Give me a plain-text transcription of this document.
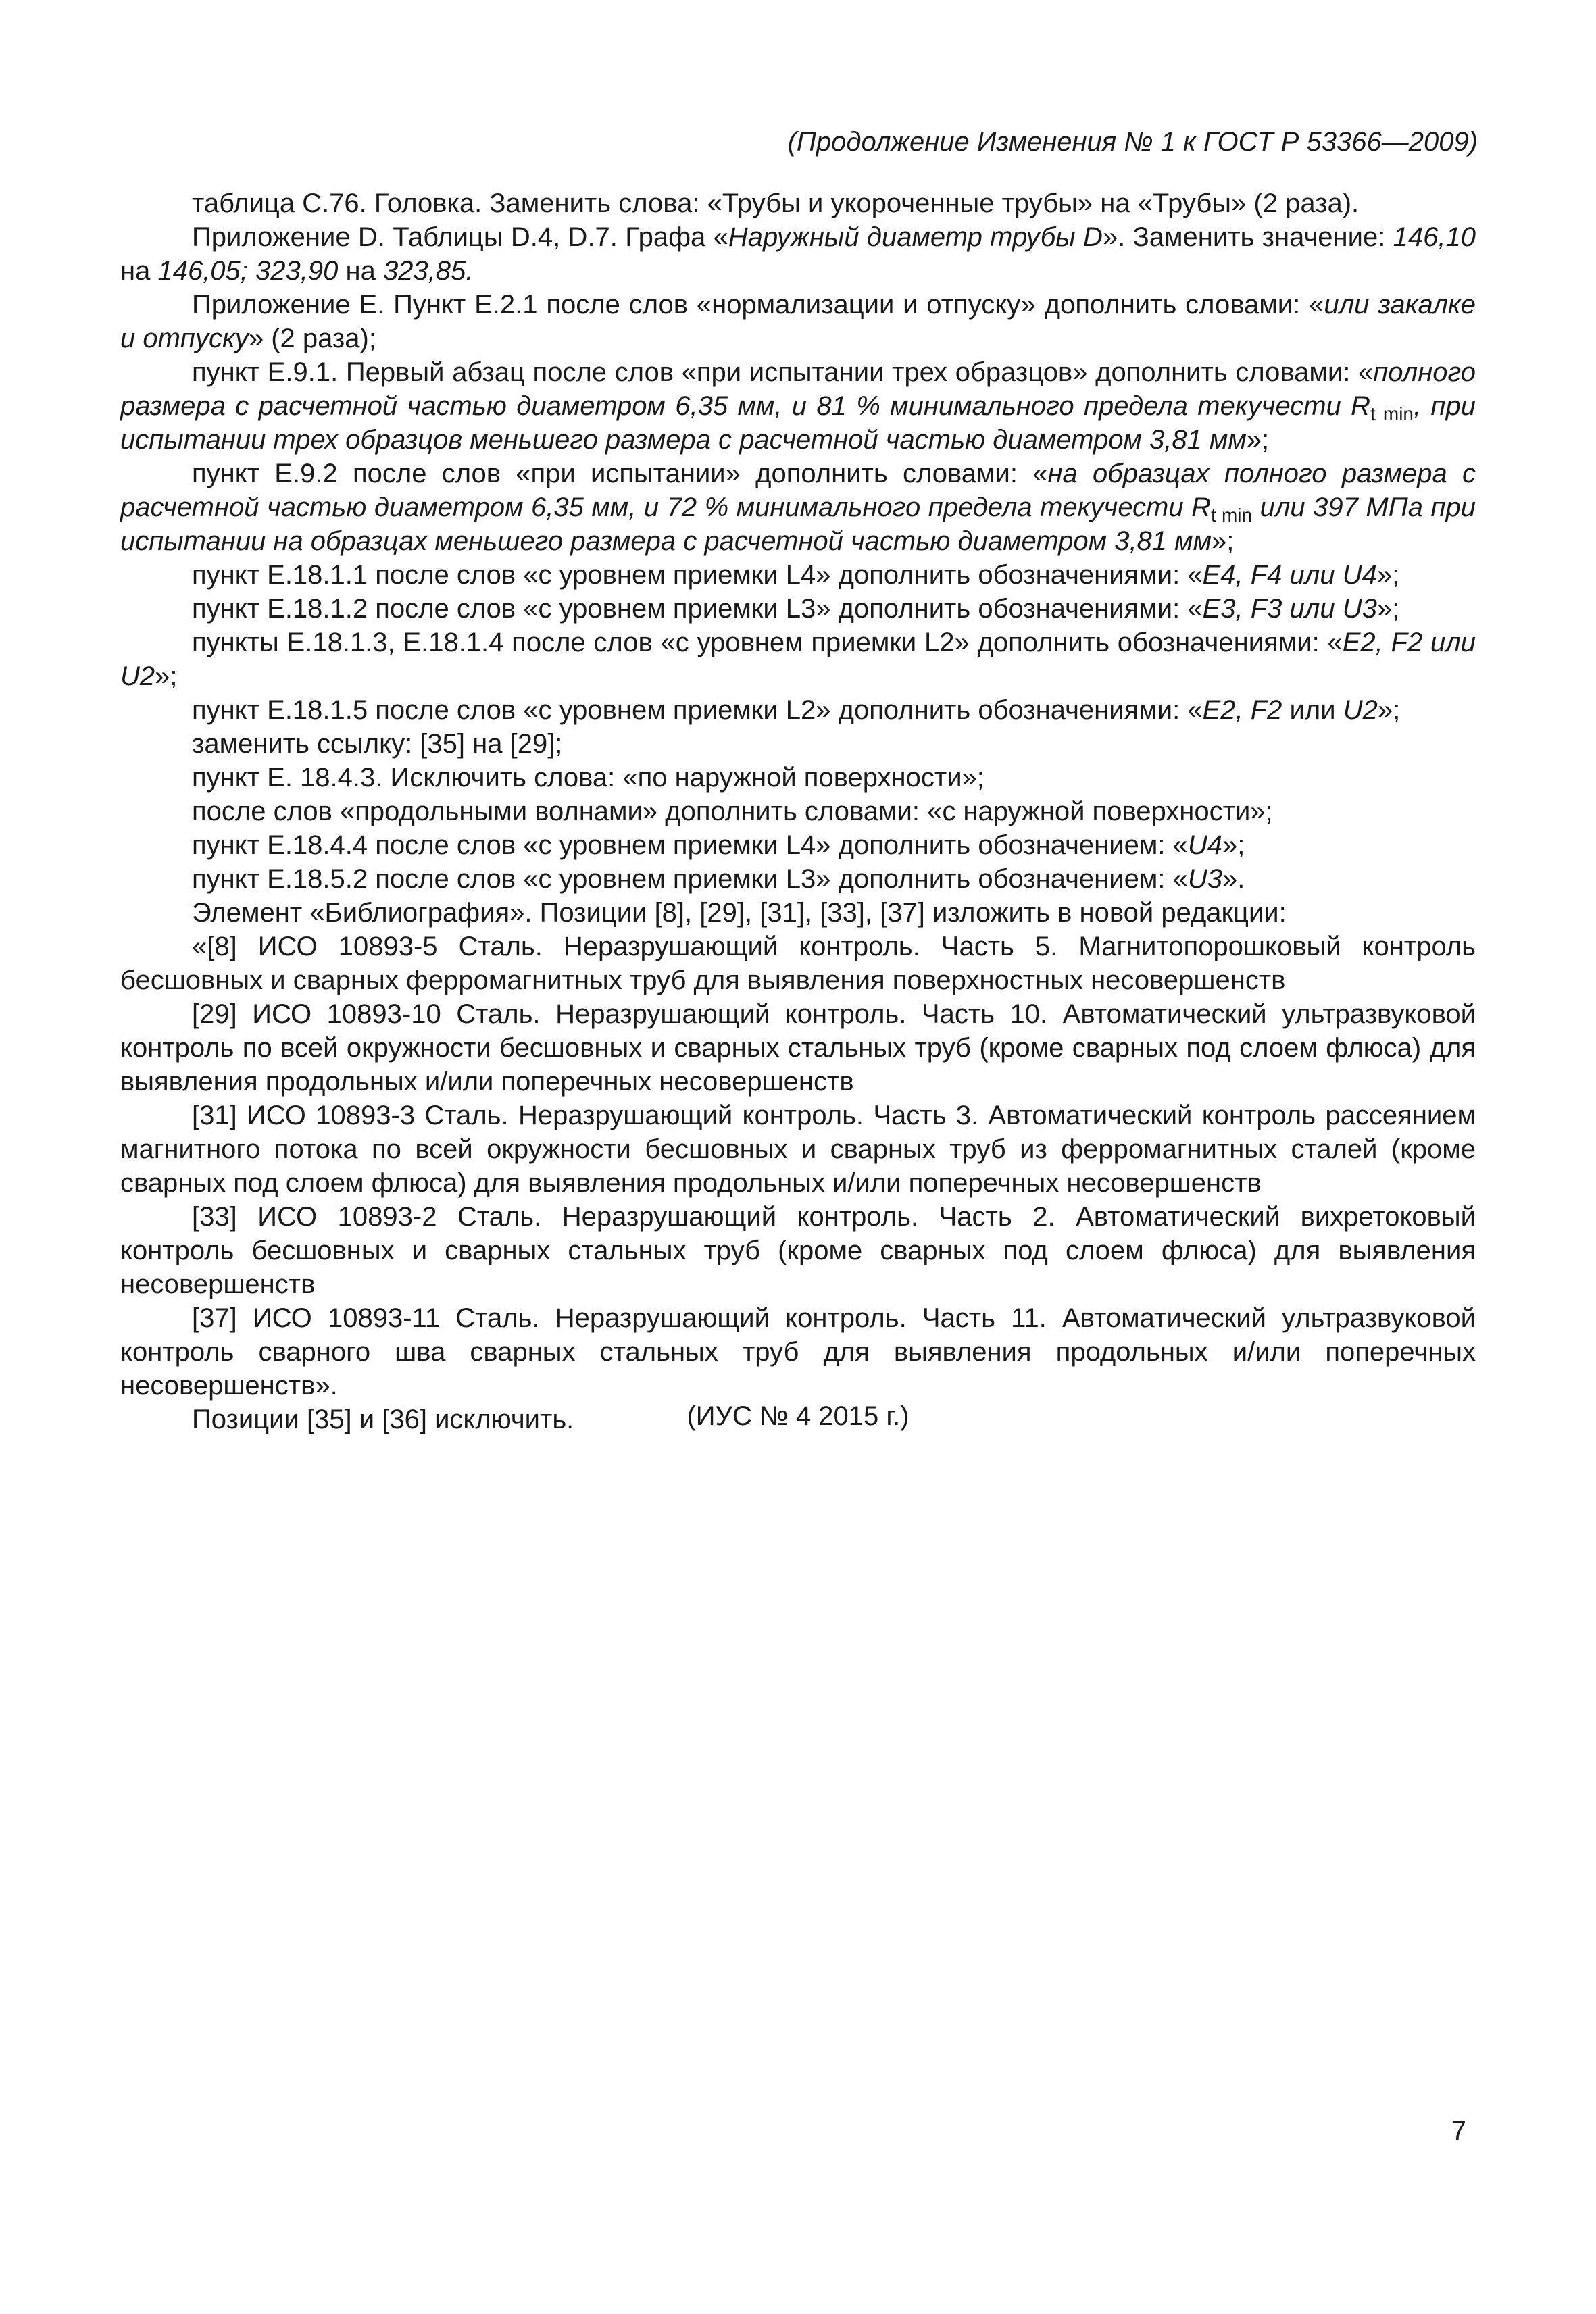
(Продолжение Изменения № 1 к ГОСТ Р 53366—2009)

таблица С.76. Головка. Заменить слова: «Трубы и укороченные трубы» на «Трубы» (2 раза).

Приложение D. Таблицы D.4, D.7. Графа «Наружный диаметр трубы D». Заменить значение: 146,10 на 146,05; 323,90 на 323,85.

Приложение Е. Пункт Е.2.1 после слов «нормализации и отпуску» дополнить словами: «или закалке и отпуску» (2 раза);

пункт Е.9.1. Первый абзац после слов «при испытании трех образцов» дополнить словами: «полного размера с расчетной частью диаметром 6,35 мм, и 81 % минимального предела текучести $R_{t min}$, при испытании трех образцов меньшего размера с расчетной частью диаметром 3,81 мм»;

пункт Е.9.2 после слов «при испытании» дополнить словами: «на образцах полного размера с расчетной частью диаметром 6,35 мм, и 72 % минимального предела текучести $R_{t min}$ или 397 МПа при испытании на образцах меньшего размера с расчетной частью диаметром 3,81 мм»;

пункт Е.18.1.1 после слов «с уровнем приемки L4» дополнить обозначениями: «Е4, F4 или U4»;

пункт Е.18.1.2 после слов «с уровнем приемки L3» дополнить обозначениями: «Е3, F3 или U3»;

пункты Е.18.1.3, Е.18.1.4 после слов «с уровнем приемки L2» дополнить обозначениями: «Е2, F2 или U2»;

пункт Е.18.1.5 после слов «с уровнем приемки L2» дополнить обозначениями: «Е2, F2 или U2»;

заменить ссылку: [35] на [29];

пункт Е. 18.4.3. Исключить слова: «по наружной поверхности»;

после слов «продольными волнами» дополнить словами: «с наружной поверхности»;

пункт Е.18.4.4 после слов «с уровнем приемки L4» дополнить обозначением: «U4»;

пункт Е.18.5.2 после слов «с уровнем приемки L3» дополнить обозначением: «U3».

Элемент «Библиография». Позиции [8], [29], [31], [33], [37] изложить в новой редакции:

«[8] ИСО 10893-5 Сталь. Неразрушающий контроль. Часть 5. Магнитопорошковый контроль бесшовных и сварных ферромагнитных труб для выявления поверхностных несовершенств

[29] ИСО 10893-10 Сталь. Неразрушающий контроль. Часть 10. Автоматический ультразвуковой контроль по всей окружности бесшовных и сварных стальных труб (кроме сварных под слоем флюса) для выявления продольных и/или поперечных несовершенств

[31] ИСО 10893-3 Сталь. Неразрушающий контроль. Часть 3. Автоматический контроль рассеянием магнитного потока по всей окружности бесшовных и сварных труб из ферромагнитных сталей (кроме сварных под слоем флюса) для выявления продольных и/или поперечных несовершенств

[33] ИСО 10893-2 Сталь. Неразрушающий контроль. Часть 2. Автоматический вихретоковый контроль бесшовных и сварных стальных труб (кроме сварных под слоем флюса) для выявления несовершенств

[37] ИСО 10893-11 Сталь. Неразрушающий контроль. Часть 11. Автоматический ультразвуковой контроль сварного шва сварных стальных труб для выявления продольных и/или поперечных несовершенств».

Позиции [35] и [36] исключить.	(ИУС № 4 2015 г.)
7
